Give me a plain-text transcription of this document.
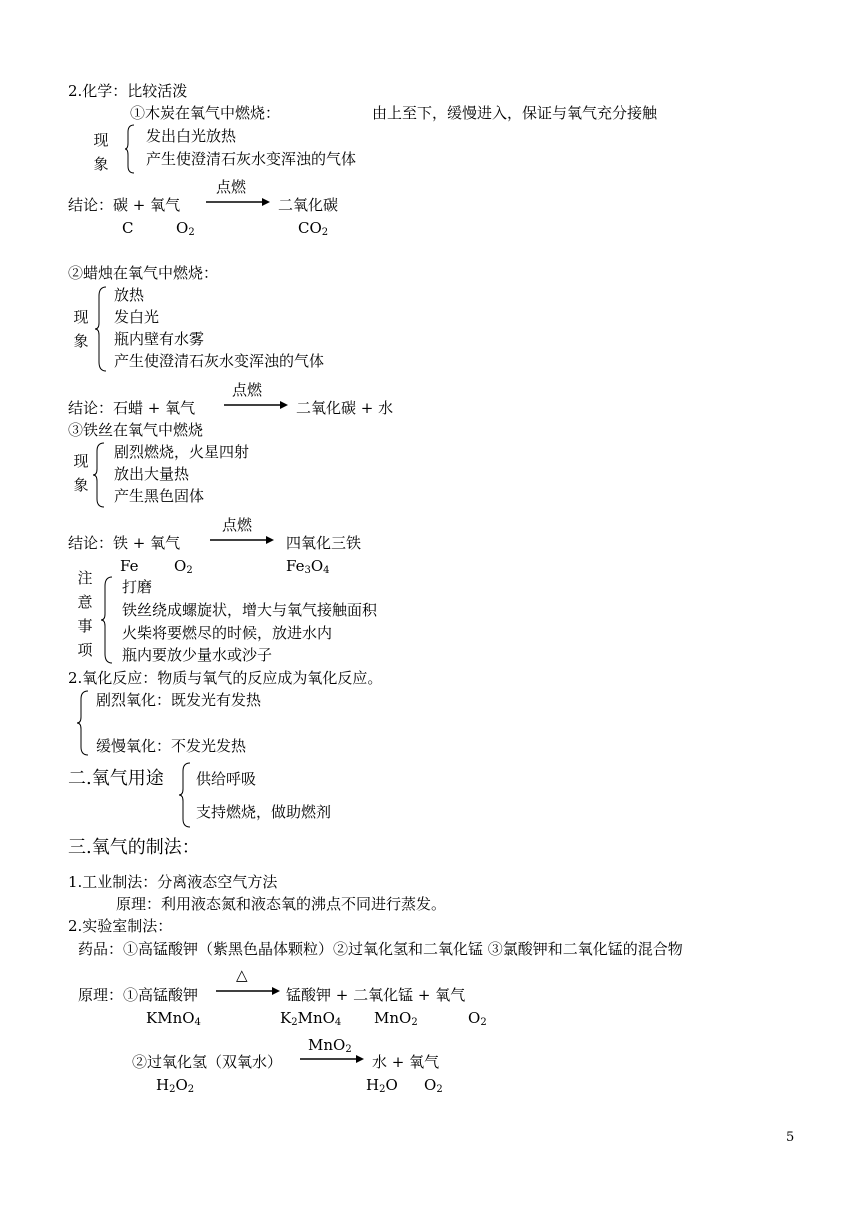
2.化学：比较活泼
①木炭在氧气中燃烧：	由上至下，缓慢进入，保证与氧气充分接触
现象
发出白光放热
产生使澄清石灰水变浑浊的气体
结论：碳 + 氧气
点燃
二氧化碳
C	$O_2$	$CO_2$
②蜡烛在氧气中燃烧：
现象
放热
发白光
瓶内壁有水雾
产生使澄清石灰水变浑浊的气体
结论：石蜡 + 氧气
点燃
二氧化碳 + 水
③铁丝在氧气中燃烧
现象
剧烈燃烧，火星四射
放出大量热
产生黑色固体
结论：铁 + 氧气
点燃
四氧化三铁
Fe $O_2$	$Fe_3O_4$
注意事项
打磨
铁丝绕成螺旋状，增大与氧气接触面积
火柴将要燃尽的时候，放进水内
瓶内要放少量水或沙子
2.氧化反应：物质与氧气的反应成为氧化反应。
剧烈氧化：既发光有发热
缓慢氧化：不发光发热
二.氧气用途 供给呼吸
支持燃烧，做助燃剂
三.氧气的制法：
1.工业制法：分离液态空气方法
原理：利用液态氮和液态氧的沸点不同进行蒸发。
2.实验室制法：
药品：①高锰酸钾（紫黑色晶体颗粒）②过氧化氢和二氧化锰 ③氯酸钾和二氧化锰的混合物
原理：①高锰酸钾
△
锰酸钾 + 二氧化锰 + 氧气
KMnO$_4$	$K_2MnO_4$ MnO$_2$	$O_2$
②过氧化氢（双氧水）
MnO$_2$
水 + 氧气
$H_2O_2$	$H_2O$ $O_2$
5
